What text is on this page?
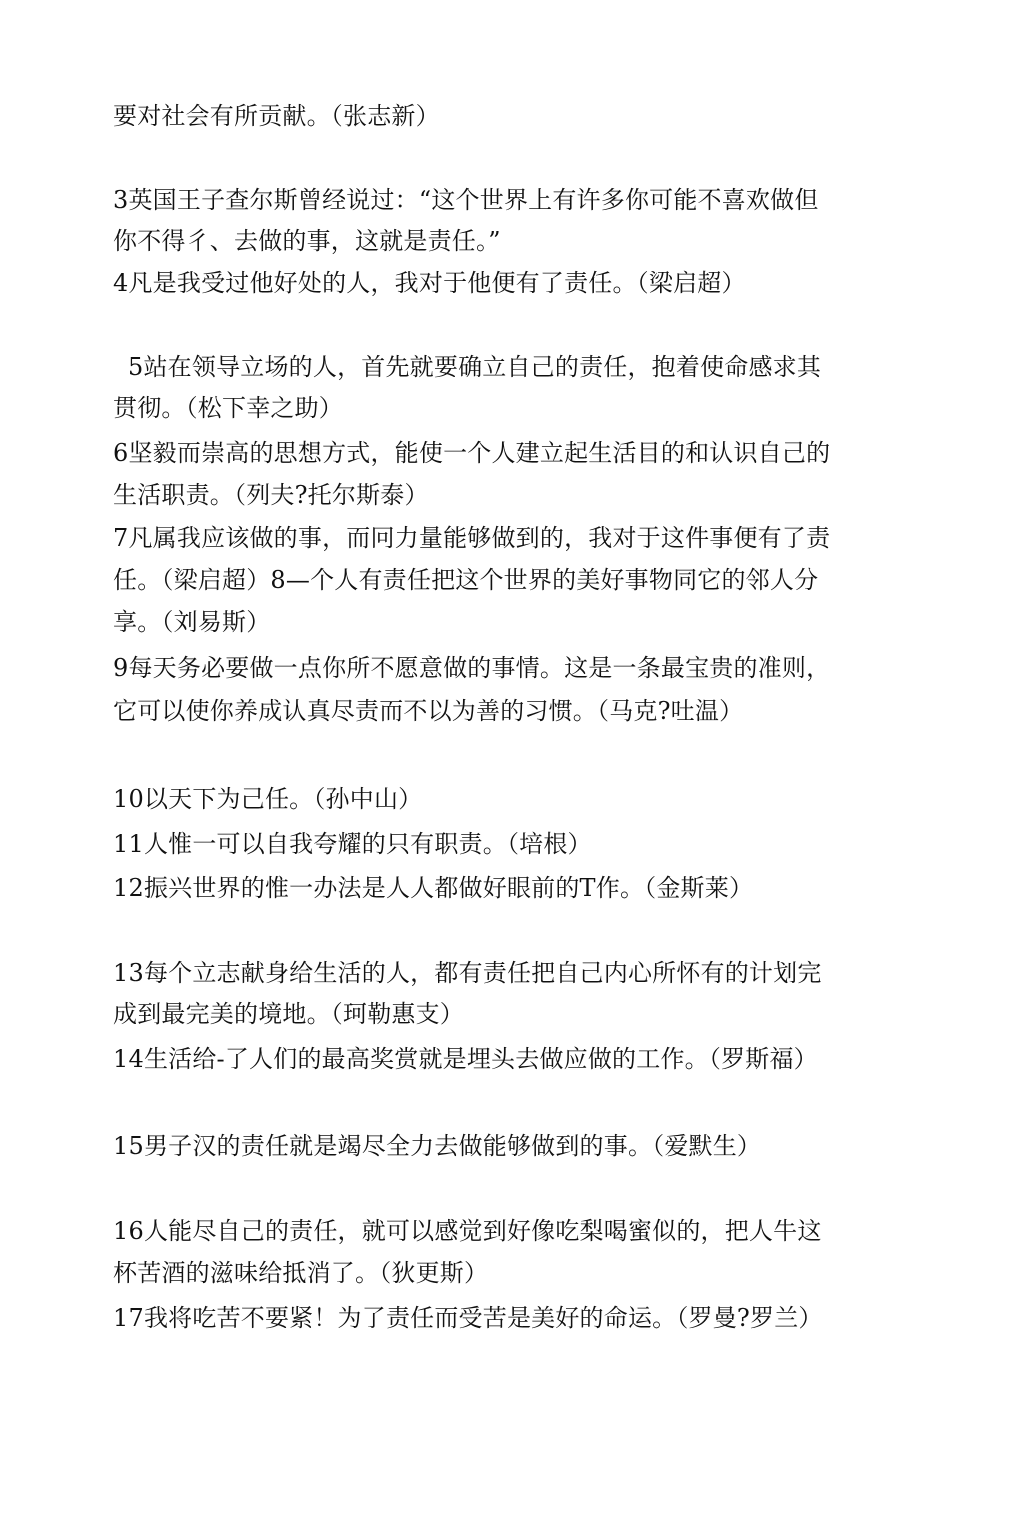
要对社会有所贡献。（张志新）
3英国王子查尔斯曾经说过：“这个世界上有许多你可能不喜欢做但
你不得彳、去做的事，这就是责任。”
4凡是我受过他好处的人，我对于他便有了责任。（梁启超）
5站在领导立场的人，首先就要确立自己的责任，抱着使命感求其
贯彻。（松下幸之助）
6坚毅而崇高的思想方式，能使一个人建立起生活目的和认识自己的
生活职责。（列夫?托尔斯泰）
7凡属我应该做的事，而冋力量能够做到的，我对于这件事便有了责
任。（梁启超）8—个人有责任把这个世界的美好事物同它的邻人分
享。（刘易斯）
9每天务必要做一点你所不愿意做的事情。这是一条最宝贵的准则，
它可以使你养成认真尽责而不以为善的习惯。（马克?吐温）
10以天下为己任。（孙中山）
11人惟一可以自我夸耀的只有职责。（培根）
12振兴世界的惟一办法是人人都做好眼前的T作。（金斯莱）
13每个立志献身给生活的人，都有责任把自己内心所怀有的计划完
成到最完美的境地。（珂勒惠支）
14生活给-了人们的最高奖赏就是埋头去做应做的工作。（罗斯福）
15男子汉的责任就是竭尽全力去做能够做到的事。（爱默生）
16人能尽自己的责任，就可以感觉到好像吃梨喝蜜似的，把人牛这
杯苦酒的滋味给抵消了。（狄更斯）
17我将吃苦不要紧！为了责任而受苦是美好的命运。（罗曼?罗兰）
